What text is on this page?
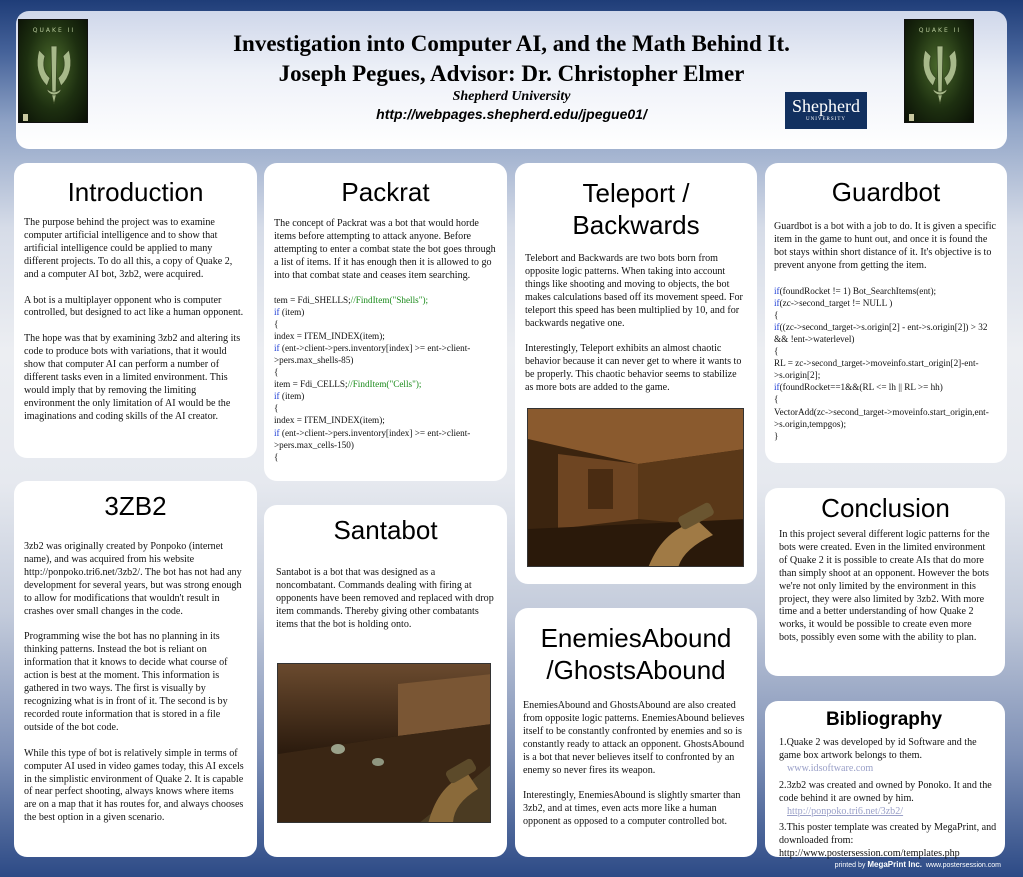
Investigation into Computer AI, and the Math Behind It.
Joseph Pegues, Advisor: Dr. Christopher Elmer
Shepherd University
http://webpages.shepherd.edu/jpegue01/
QUAKE II	QUAKE II
Shepherd
UNIVERSITY
Introduction

The purpose behind the project was to examine computer artificial intelligence and to show that artificial intelligence could be applied to many different projects. To do all this, a copy of Quake 2, and a computer AI bot, 3zb2, were acquired.

A bot is a multiplayer opponent who is computer controlled, but designed to act like a human opponent.

The hope was that by examining 3zb2 and altering its code to produce bots with variations, that it would show that computer AI can perform a number of different tasks even in a limited environment. This would imply that by removing the limiting environment the only limitation of AI would be the imaginations and coding skills of the AI creator.

3ZB2

3zb2 was originally created by Ponpoko (internet name), and was acquired from his website http://ponpoko.tri6.net/3zb2/. The bot has not had any development for several years, but was strong enough to allow for modifications that wouldn't result in crashes over small changes in the code.

Programming wise the bot has no planning in its thinking patterns. Instead the bot is reliant on information that it knows to decide what course of action is best at the moment. This information is gathered in two ways. The first is visually by recognizing what is in front of it. The second is by recorded route information that is stored in a file outside of the bot code.

While this type of bot is relatively simple in terms of computer AI used in video games today, this AI excels in the simplistic environment of Quake 2. It is capable of near perfect shooting, always knows where items are on a map that it has routes for, and always chooses the best option in a given scenario.

Packrat

The concept of Packrat was a bot that would horde items before attempting to attack anyone. Before attempting to enter a combat state the bot goes through a list of items. If it has enough then it is allowed to go into that combat state and ceases item searching.

tem = Fdi_SHELLS;//FindItem("Shells");
if (item)
{
index = ITEM_INDEX(item);
if (ent->client->pers.inventory[index] >= ent->client->pers.max_shells-85)
{
item = Fdi_CELLS;//FindItem("Cells");
if (item)
{
index = ITEM_INDEX(item);
if (ent->client->pers.inventory[index] >= ent->client->pers.max_cells-150)
{
Santabot

Santabot is a bot that was designed as a noncombatant. Commands dealing with firing at opponents have been removed and replaced with drop item commands. Thereby giving other combatants items that the bot is holding onto.

Teleport /
Backwards

Telebort and Backwards are two bots born from opposite logic patterns. When taking into account things like shooting and moving to objects, the bot makes calculations based off its movement speed. For teleport this speed has been multiplied by 10, and for backwards negative one.

Interestingly, Teleport exhibits an almost chaotic behavior because it can never get to where it wants to be properly. This chaotic behavior seems to stabilize as more bots are added to the game.

EnemiesAbound
/GhostsAbound

EnemiesAbound and GhostsAbound are also created from opposite logic patterns. EnemiesAbound believes itself to be constantly confronted by enemies and so is constantly ready to attack an opponent. GhostsAbound is a bot that never believes itself to confronted by an enemy so never fires its weapon.

Interestingly, EnemiesAbound is slightly smarter than 3zb2, and at times, even acts more like a human opponent as opposed to a computer controlled bot.

Guardbot

Guardbot is a bot with a job to do. It is given a specific item in the game to hunt out, and once it is found the bot stays within short distance of it. It's objective is to prevent anyone from getting the item.

if(foundRocket != 1) Bot_SearchItems(ent);
if(zc->second_target != NULL )
{
if((zc->second_target->s.origin[2] - ent->s.origin[2]) > 32 && !ent->waterlevel)
{
RL = zc->second_target->moveinfo.start_origin[2]-ent->s.origin[2];
if(foundRocket==1&&(RL <= lh || RL >= hh)
{
VectorAdd(zc->second_target->moveinfo.start_origin,ent->s.origin,tempgos);
}
Conclusion

In this project several different logic patterns for the bots were created. Even in the limited environment of Quake 2 it is possible to create AIs that do more than simply shoot at an opponent. However the bots we're not only limited by the environment in this project, they were also limited by 3zb2. With more time and a better understanding of how Quake 2 works, it would be possible to create even more bots, possibly even some with the ability to plan.

Bibliography
1.Quake 2 was developed by id Software and the game box artwork belongs to them.
www.idsoftware.com
2.3zb2 was created and owned by Ponoko. It and the code behind it are owned by him.
http://ponpoko.tri6.net/3zb2/
3.This poster template was created by MegaPrint, and downloaded from: http://www.postersession.com/templates.php
printed by MegaPrint Inc. www.postersession.com
